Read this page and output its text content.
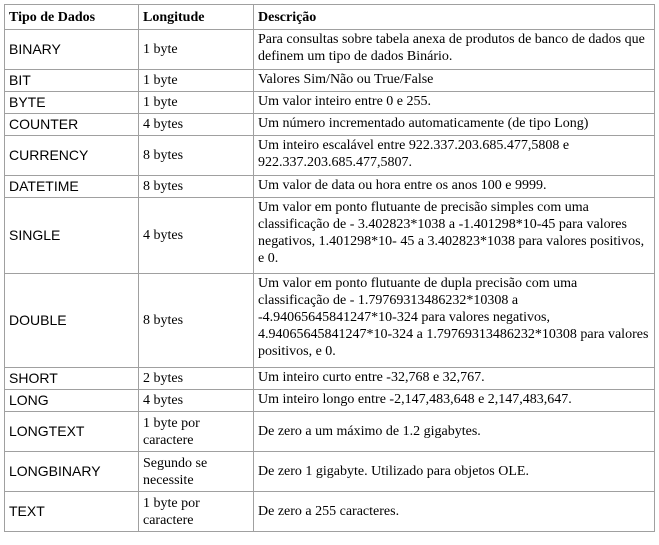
Tipo de Dados	Longitude	Descrição
BINARY	1 byte	Para consultas sobre tabela anexa de produtos de banco de dados que definem um tipo de dados Binário.
BIT	1 byte	Valores Sim/Não ou True/False
BYTE	1 byte	Um valor inteiro entre 0 e 255.
COUNTER	4 bytes	Um número incrementado automaticamente (de tipo Long)
CURRENCY	8 bytes	Um inteiro escalável entre 922.337.203.685.477,5808 e 922.337.203.685.477,5807.
DATETIME	8 bytes	Um valor de data ou hora entre os anos 100 e 9999.
SINGLE	4 bytes	Um valor em ponto flutuante de precisão simples com uma classificação de - 3.402823*1038 a -1.401298*10-45 para valores negativos, 1.401298*10- 45 a 3.402823*1038 para valores positivos, e 0.
DOUBLE	8 bytes	Um valor em ponto flutuante de dupla precisão com uma classificação de - 1.79769313486232*10308 a -4.94065645841247*10-324 para valores negativos, 4.94065645841247*10-324 a 1.79769313486232*10308 para valores positivos, e 0.
SHORT	2 bytes	Um inteiro curto entre -32,768 e 32,767.
LONG	4 bytes	Um inteiro longo entre -2,147,483,648 e 2,147,483,647.
LONGTEXT	1 byte por caractere	De zero a um máximo de 1.2 gigabytes.
LONGBINARY	Segundo se necessite	De zero 1 gigabyte. Utilizado para objetos OLE.
TEXT	1 byte por caractere	De zero a 255 caracteres.
